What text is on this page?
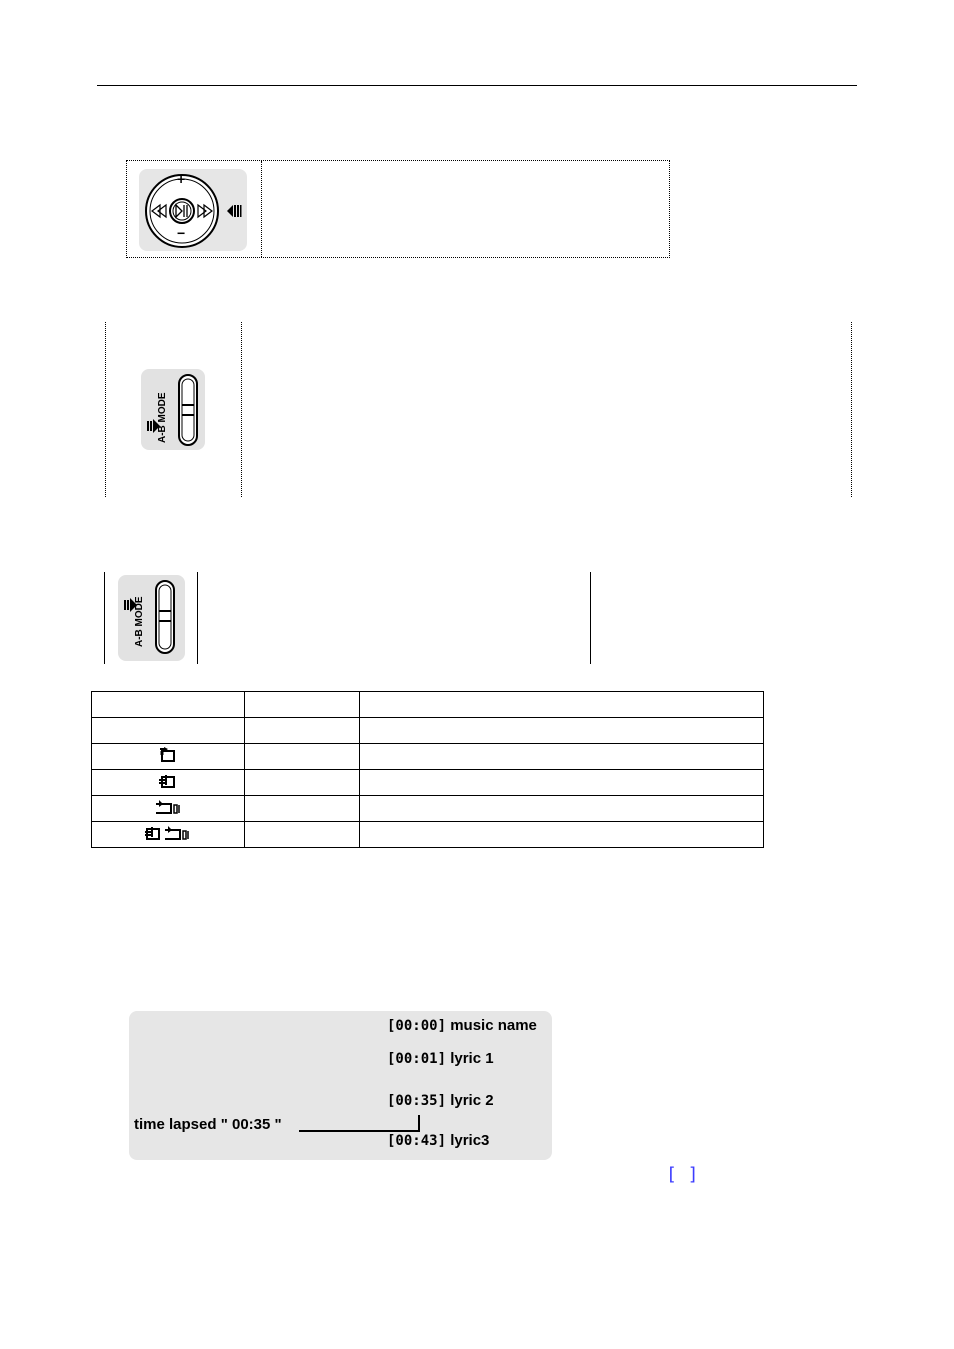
+
−
A-B MODE
A-B MODE

[00:00] music name
[00:01] lyric 1
[00:35] lyric 2
[00:43] lyric3
time lapsed " 00:35 "
[ ]
